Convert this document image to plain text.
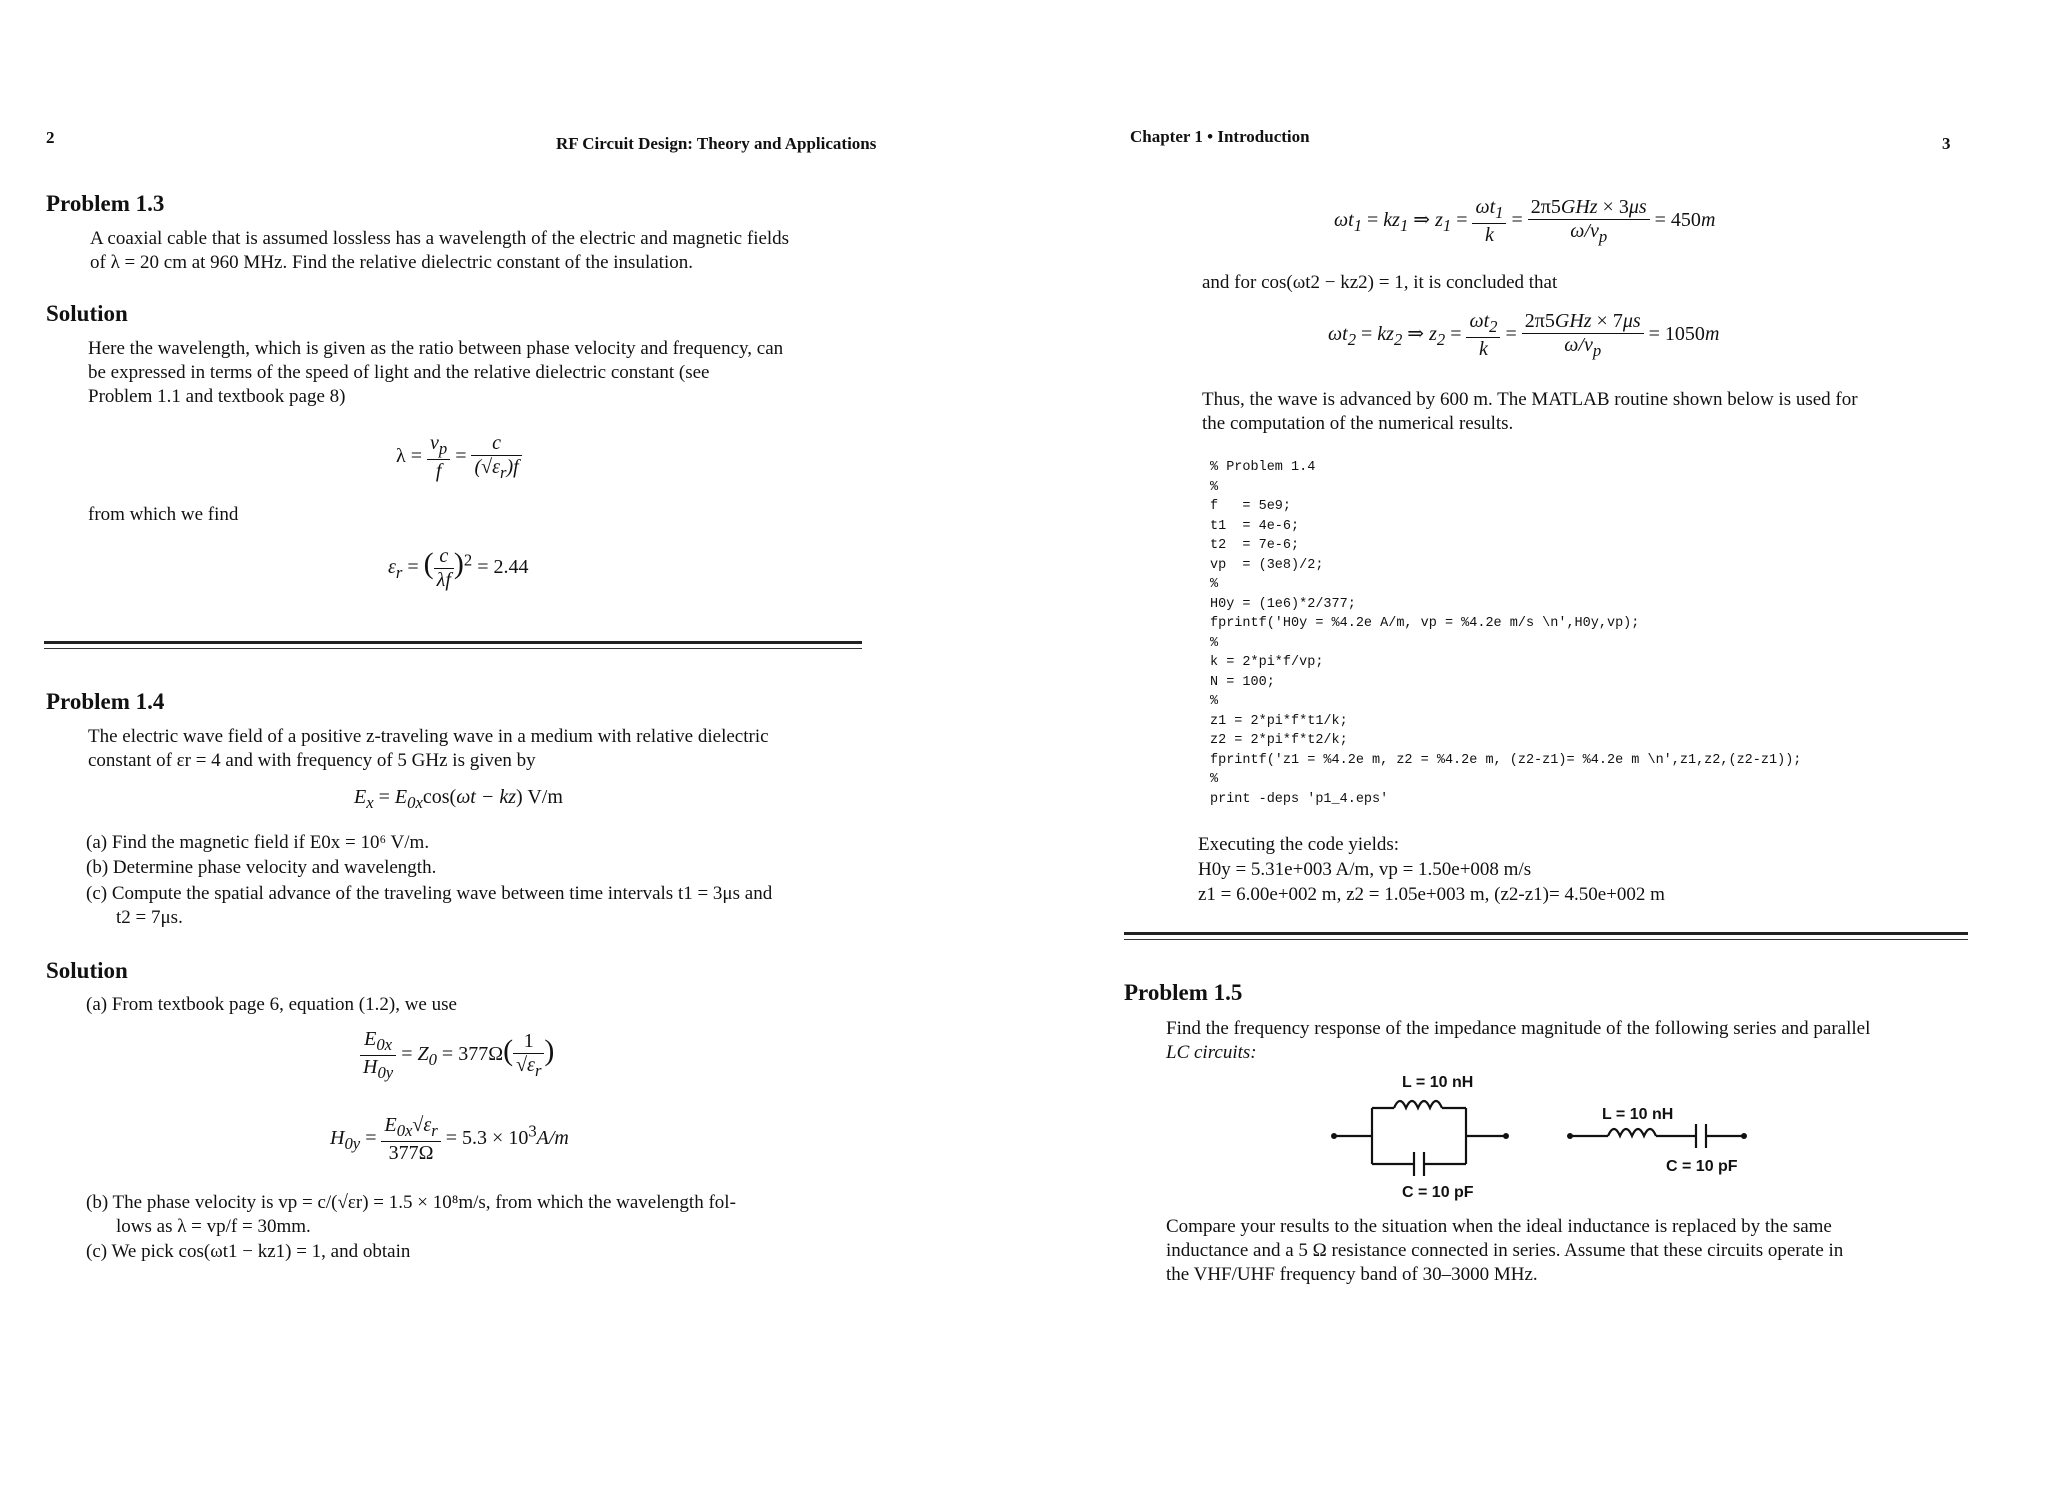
2	RF Circuit Design: Theory and Applications
Problem 1.3
A coaxial cable that is assumed lossless has a wavelength of the electric and magnetic fields
of λ = 20 cm at 960 MHz. Find the relative dielectric constant of the insulation.
Solution
Here the wavelength, which is given as the ratio between phase velocity and frequency, can
be expressed in terms of the speed of light and the relative dielectric constant (see
Problem 1.1 and textbook page 8)
$\lambda = \frac{v_p}{f} = \frac{c}{(√\varepsilon_r)f}$
from which we find
$\varepsilon_r$ = ( $\frac{c}{\lambda f} )^2 = 2.44$
Problem 1.4
The electric wave field of a positive z-traveling wave in a medium with relative dielectric
constant of εr = 4 and with frequency of 5 GHz is given by
$E_x = E_{0x}\cos(\omega t - kz)$ V/m
(a) Find the magnetic field if E0x = 10⁶ V/m.
(b) Determine phase velocity and wavelength.
(c) Compute the spatial advance of the traveling wave between time intervals t1 = 3μs and
t2 = 7μs.
Solution
(a) From textbook page 6, equation (1.2), we use
$\frac{E_{0x}}{H_{0y}} = Z_0 = 377\Omega( \frac{1}{√\varepsilon_r}$ )
$H_{0y} = \frac{E_{0x}√\varepsilon_r}{377\Omega} = 5.3 \times 10^3A/m$
(b) The phase velocity is vp = c/(√εr) = 1.5 × 10⁸m/s, from which the wavelength fol-
lows as λ = vp/f = 30mm.
(c) We pick cos(ωt1 − kz1) = 1, and obtain
Chapter 1 • Introduction	3
$\omega t_1 = kz_1$ ⇒ $z_1 = \frac{\omega t_1}{k} = \frac{\text{2π5GHz × 3μs}}{\omega/v_p} = 450m$
and for cos(ωt2 − kz2) = 1, it is concluded that
$\omega t_2 = kz_2$ ⇒ $z_2 = \frac{\omega t_2}{k} = \frac{\text{2π5GHz × 7μs}}{\omega/v_p} = 1050m$
Thus, the wave is advanced by 600 m. The MATLAB routine shown below is used for
the computation of the numerical results.
% Problem 1.4
%
f   = 5e9;
t1  = 4e-6;
t2  = 7e-6;
vp  = (3e8)/2;
%
H0y = (1e6)*2/377;
fprintf('H0y = %4.2e A/m, vp = %4.2e m/s \n',H0y,vp);
%
k = 2*pi*f/vp;
N = 100;
%
z1 = 2*pi*f*t1/k;
z2 = 2*pi*f*t2/k;
fprintf('z1 = %4.2e m, z2 = %4.2e m, (z2-z1)= %4.2e m \n',z1,z2,(z2-z1));
%
print -deps 'p1_4.eps'
Executing the code yields:
H0y = 5.31e+003 A/m, vp = 1.50e+008 m/s
z1 = 6.00e+002 m, z2 = 1.05e+003 m, (z2-z1)= 4.50e+002 m
Problem 1.5
Find the frequency response of the impedance magnitude of the following series and parallel
LC circuits:
L = 10 nH
C = 10 pF
L = 10 nH
C = 10 pF
Compare your results to the situation when the ideal inductance is replaced by the same
inductance and a 5 Ω resistance connected in series. Assume that these circuits operate in
the VHF/UHF frequency band of 30–3000 MHz.
